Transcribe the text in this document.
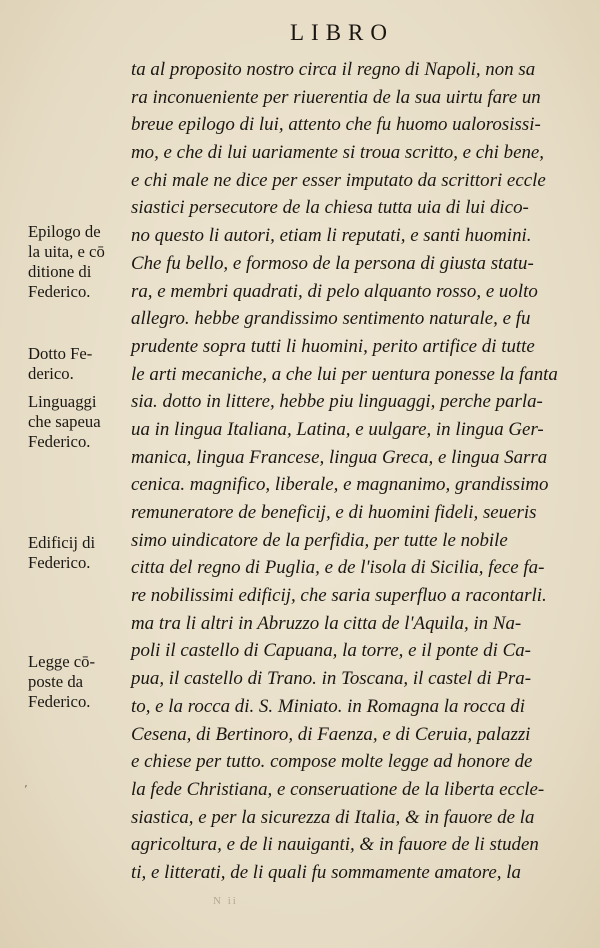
LIBRO
Epilogo de la uita, e cō ditione di Federico.
Dotto Fe- derico.
Linguaggi che sapeua Federico.
Edificij di Federico.
Legge cō- poste da Federico.
ta al proposito nostro circa il regno di Napoli, non sa ra inconueniente per riuerentia de la sua uirtu fare un breue epilogo di lui, attento che fu huomo ualorosissi- mo, e che di lui uariamente si troua scritto, e chi bene, e chi male ne dice per esser imputato da scrittori eccle siastici persecutore de la chiesa tutta uia di lui dico- no questo li autori, etiam li reputati, e santi huomini. Che fu bello, e formoso de la persona di giusta statu- ra, e membri quadrati, di pelo alquanto rosso, e uolto allegro. hebbe grandissimo sentimento naturale, e fu prudente sopra tutti li huomini, perito artifice di tutte le arti mecaniche, a che lui per uentura ponesse la fanta sia. dotto in littere, hebbe piu linguaggi, perche parla- ua in lingua Italiana, Latina, e uulgare, in lingua Ger- manica, lingua Francese, lingua Greca, e lingua Sarra cenica. magnifico, liberale, e magnanimo, grandissimo remuneratore de beneficij, e di huomini fideli, seueris simo uindicatore de la perfidia, per tutte le nobile citta del regno di Puglia, e de l'isola di Sicilia, fece fa- re nobilissimi edificij, che saria superfluo a racontarli. ma tra li altri in Abruzzo la citta de l'Aquila, in Na- poli il castello di Capuana, la torre, e il ponte di Ca- pua, il castello di Trano. in Toscana, il castel di Pra- to, e la rocca di. S. Miniato. in Romagna la rocca di Cesena, di Bertinoro, di Faenza, e di Ceruia, palazzi e chiese per tutto. compose molte legge ad honore de la fede Christiana, e conseruatione de la liberta eccle- siastica, e per la sicurezza di Italia, & in fauore de la agricoltura, e de li nauiganti, & in fauore de li studen ti, e litterati, de li quali fu sommamente amatore, la
N ii
’
